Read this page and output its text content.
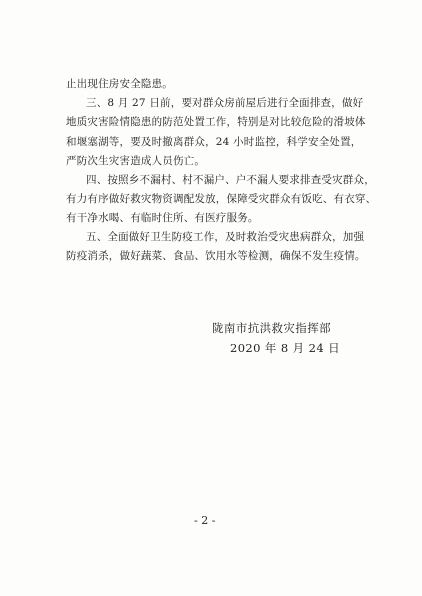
止出现住房安全隐患。
三、8 月 27 日前，要对群众房前屋后进行全面排查，做好
地质灾害险情隐患的防范处置工作，特别是对比较危险的滑坡体
和堰塞湖等，要及时撤离群众，24 小时监控，科学安全处置，
严防次生灾害造成人员伤亡。
四、按照乡不漏村、村不漏户、户不漏人要求排查受灾群众，
有力有序做好救灾物资调配发放，保障受灾群众有饭吃、有衣穿、
有干净水喝、有临时住所、有医疗服务。
五、全面做好卫生防疫工作，及时救治受灾患病群众，加强
防疫消杀，做好蔬菜、食品、饮用水等检测，确保不发生疫情。
陇南市抗洪救灾指挥部
2020 年 8 月 24 日
- 2 -
